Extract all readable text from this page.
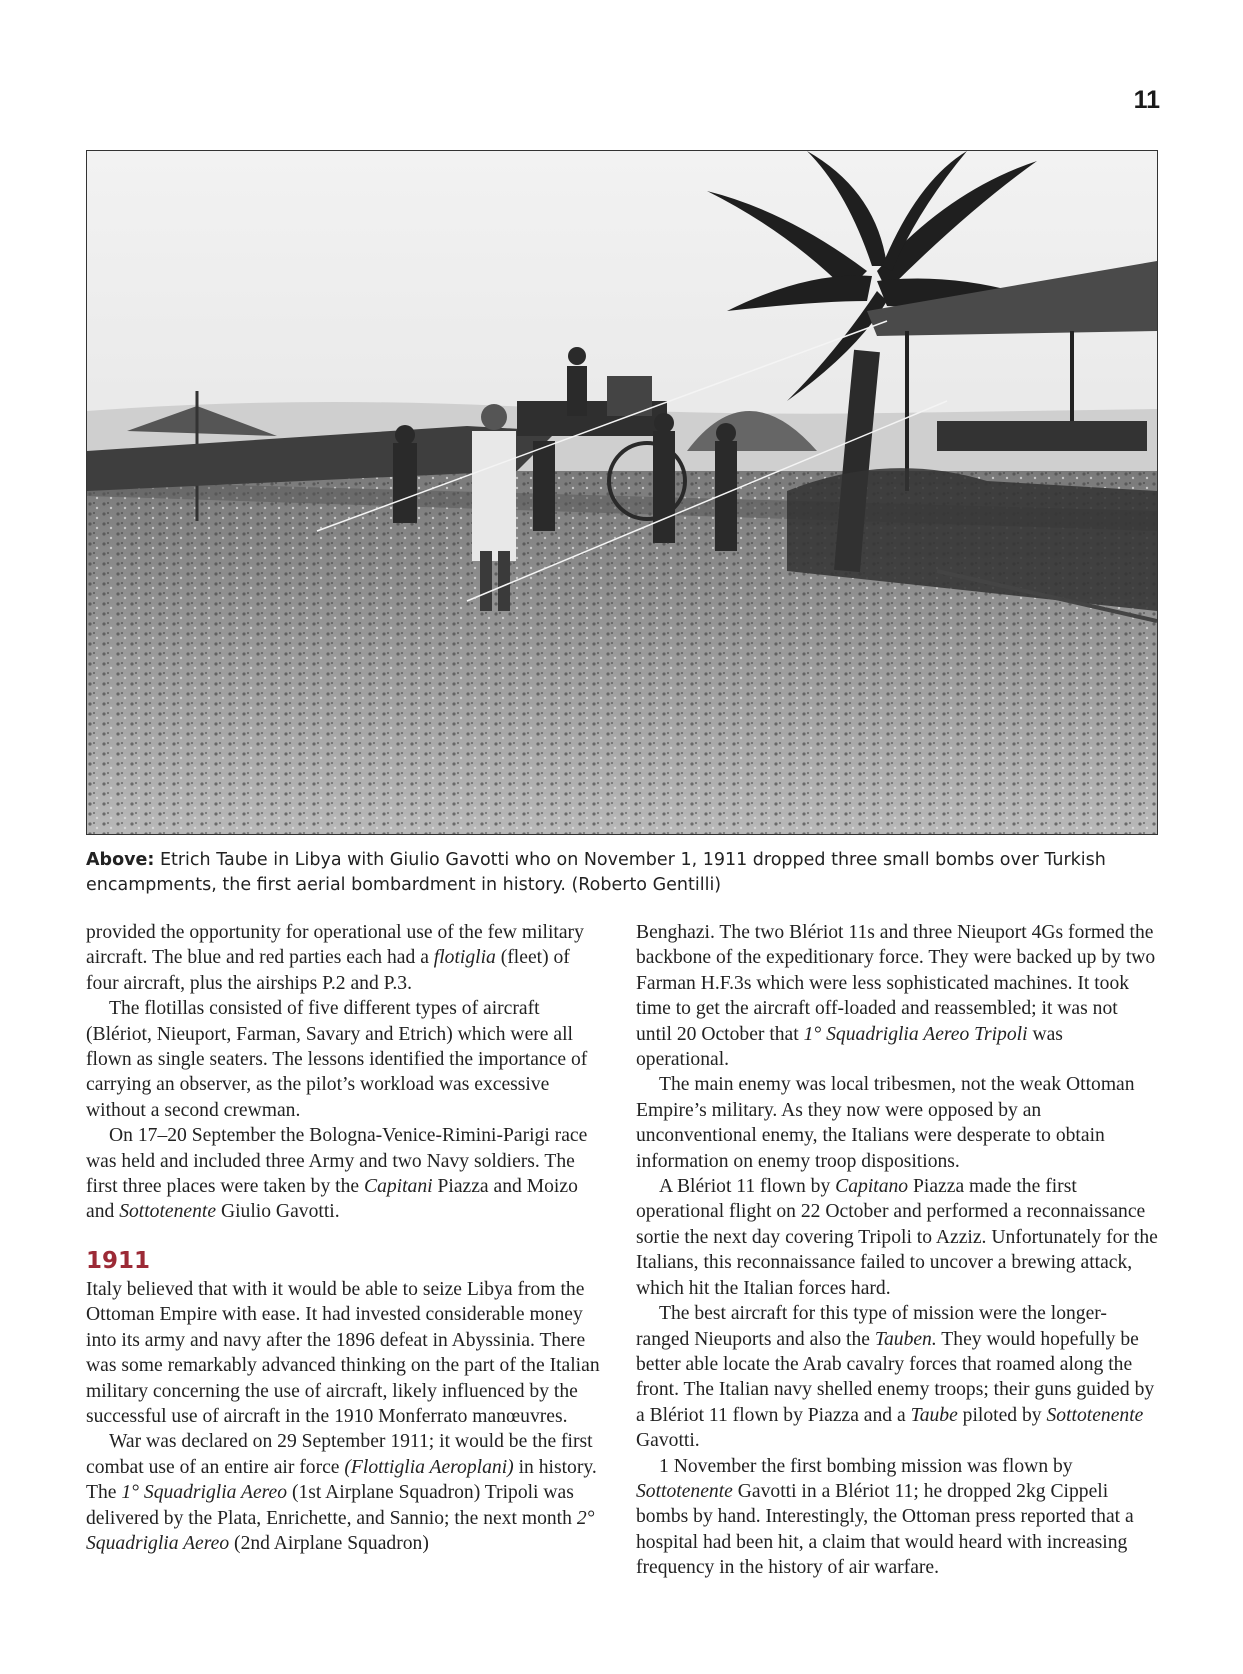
11
Above: Etrich Taube in Libya with Giulio Gavotti who on November 1, 1911 dropped three small bombs over Turkish encampments, the first aerial bombardment in history. (Roberto Gentilli)

provided the opportunity for operational use of the few military aircraft. The blue and red parties each had a flotiglia (fleet) of four aircraft, plus the airships P.2 and P.3.

The flotillas consisted of five different types of aircraft (Blériot, Nieuport, Farman, Savary and Etrich) which were all flown as single seaters. The lessons identified the importance of carrying an observer, as the pilot’s workload was excessive without a second crewman.

On 17–20 September the Bologna-Venice-Rimini-Parigi race was held and included three Army and two Navy soldiers. The first three places were taken by the Capitani Piazza and Moizo and Sottotenente Giulio Gavotti.

1911

Italy believed that with it would be able to seize Libya from the Ottoman Empire with ease. It had invested considerable money into its army and navy after the 1896 defeat in Abyssinia. There was some remarkably advanced thinking on the part of the Italian military concerning the use of aircraft, likely influenced by the successful use of aircraft in the 1910 Monferrato manœuvres.

War was declared on 29 September 1911; it would be the first combat use of an entire air force (Flottiglia Aeroplani) in history. The 1° Squadriglia Aereo (1st Airplane Squadron) Tripoli was delivered by the Plata, Enrichette, and Sannio; the next month 2° Squadriglia Aereo (2nd Airplane Squadron)

Benghazi. The two Blériot 11s and three Nieuport 4Gs formed the backbone of the expeditionary force. They were backed up by two Farman H.F.3s which were less sophisticated machines. It took time to get the aircraft off-loaded and reassembled; it was not until 20 October that 1° Squadriglia Aereo Tripoli was operational.

The main enemy was local tribesmen, not the weak Ottoman Empire’s military. As they now were opposed by an unconventional enemy, the Italians were desperate to obtain information on enemy troop dispositions.

A Blériot 11 flown by Capitano Piazza made the first operational flight on 22 October and performed a reconnaissance sortie the next day covering Tripoli to Azziz. Unfortunately for the Italians, this reconnaissance failed to uncover a brewing attack, which hit the Italian forces hard.

The best aircraft for this type of mission were the longer-ranged Nieuports and also the Tauben. They would hopefully be better able locate the Arab cavalry forces that roamed along the front. The Italian navy shelled enemy troops; their guns guided by a Blériot 11 flown by Piazza and a Taube piloted by Sottotenente Gavotti.

1 November the first bombing mission was flown by Sottotenente Gavotti in a Blériot 11; he dropped 2kg Cippeli bombs by hand. Interestingly, the Ottoman press reported that a hospital had been hit, a claim that would heard with increasing frequency in the history of air warfare.
